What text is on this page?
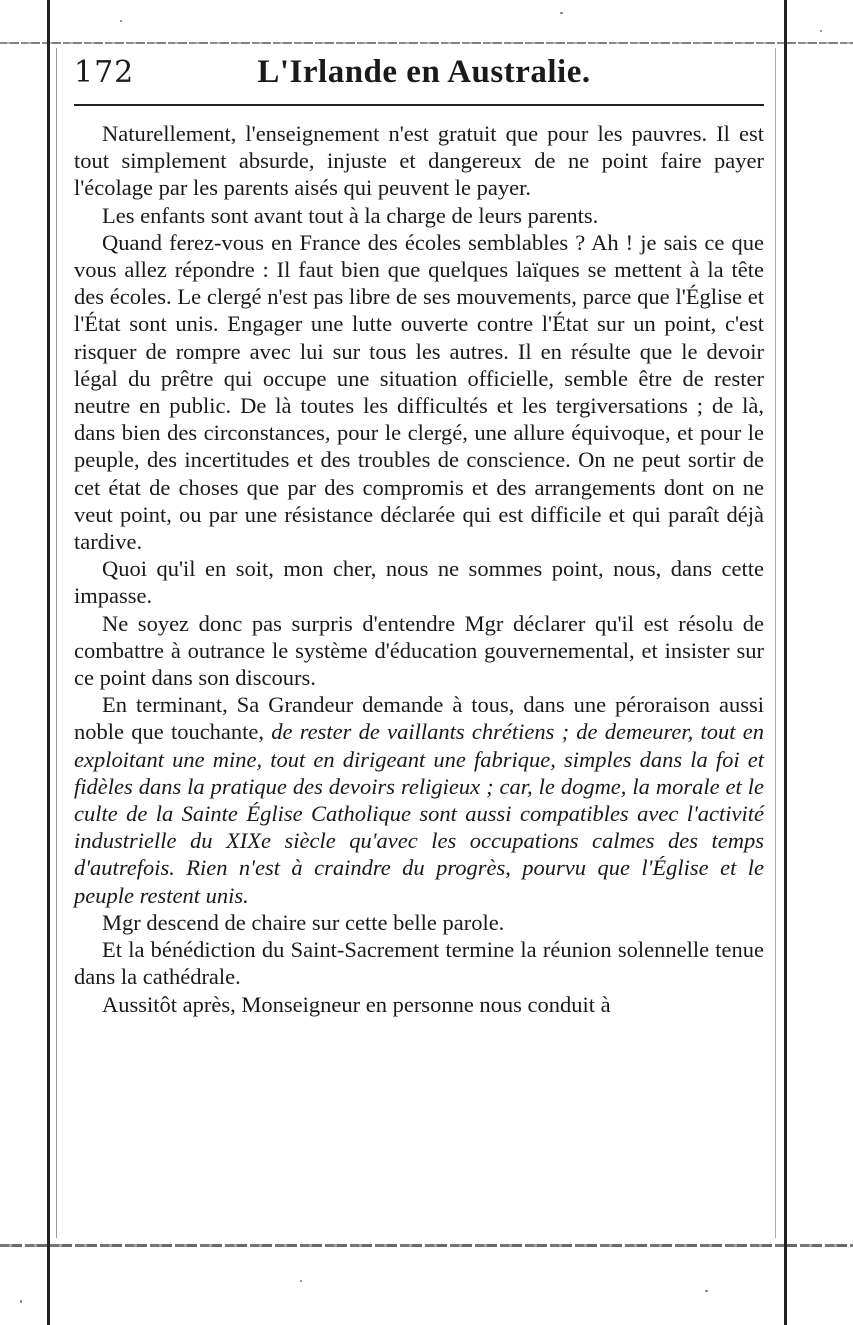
172	L'Irlande en Australie.

Naturellement, l'enseignement n'est gratuit que pour les pauvres. Il est tout simplement absurde, injuste et dangereux de ne point faire payer l'écolage par les parents aisés qui peuvent le payer.

Les enfants sont avant tout à la charge de leurs parents.

Quand ferez-vous en France des écoles semblables ? Ah ! je sais ce que vous allez répondre : Il faut bien que quelques laïques se mettent à la tête des écoles. Le clergé n'est pas libre de ses mouvements, parce que l'Église et l'État sont unis. Engager une lutte ouverte contre l'État sur un point, c'est risquer de rompre avec lui sur tous les autres. Il en résulte que le devoir légal du prêtre qui occupe une situation officielle, semble être de rester neutre en public. De là toutes les difficultés et les tergiversations ; de là, dans bien des circonstances, pour le clergé, une allure équivoque, et pour le peuple, des incertitudes et des troubles de conscience. On ne peut sortir de cet état de choses que par des compromis et des arrangements dont on ne veut point, ou par une résistance déclarée qui est difficile et qui paraît déjà tardive.

Quoi qu'il en soit, mon cher, nous ne sommes point, nous, dans cette impasse.

Ne soyez donc pas surpris d'entendre Mgr déclarer qu'il est résolu de combattre à outrance le système d'éducation gouvernemental, et insister sur ce point dans son discours.

En terminant, Sa Grandeur demande à tous, dans une péroraison aussi noble que touchante, de rester de vaillants chrétiens ; de demeurer, tout en exploitant une mine, tout en dirigeant une fabrique, simples dans la foi et fidèles dans la pratique des devoirs religieux ; car, le dogme, la morale et le culte de la Sainte Église Catholique sont aussi compatibles avec l'activité industrielle du XIXe siècle qu'avec les occupations calmes des temps d'autrefois. Rien n'est à craindre du progrès, pourvu que l'Église et le peuple restent unis.

Mgr descend de chaire sur cette belle parole.

Et la bénédiction du Saint-Sacrement termine la réunion solennelle tenue dans la cathédrale.

Aussitôt après, Monseigneur en personne nous conduit à
